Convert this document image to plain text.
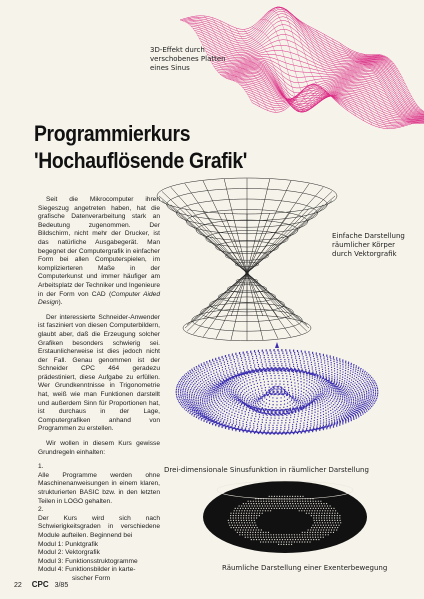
3D-Effekt durch
verschobenes Platten
eines Sinus
Programmierkurs
'Hochauflösende Grafik'
Einfache Darstellung
räumlicher Körper
durch Vektorgrafik
Drei-dimensionale Sinusfunktion in räumlicher Darstellung
Räumliche Darstellung einer Exenterbewegung

Seit die Mikrocomputer ihren Siegeszug angetreten haben, hat die grafische Datenverarbeitung stark an Bedeutung zugenommen. Der Bildschirm, nicht mehr der Drucker, ist das natürliche Ausgabegerät. Man begegnet der Computergrafik in einfacher Form bei allen Computerspielen, im komplizierteren Maße in der Computerkunst und immer häufiger am Arbeitsplatz der Techniker und Ingenieure in der Form von CAD (Computer Aided Design).

Der interessierte Schneider-Anwender ist fasziniert von diesen Computerbildern, glaubt aber, daß die Erzeugung solcher Grafiken besonders schwierig sei. Erstaunlicherweise ist dies jedoch nicht der Fall. Genau genommen ist der Schneider CPC 464 geradezu prädestiniert, diese Aufgabe zu erfüllen. Wer Grundkenntnisse in Trigonometrie hat, weiß wie man Funktionen darstellt und außerdem Sinn für Proportionen hat, ist durchaus in der Lage, Computergrafiken anhand von Programmen zu erstellen.

Wir wollen in diesem Kurs gewisse Grundregeln einhalten:

1.
Alle Programme werden ohne Maschinenanweisungen in einem klaren, strukturierten BASIC bzw. in den letzten Teilen in LOGO gehalten.

2.
Der Kurs wird sich nach Schwierigkeitsgraden in verschiedene Module aufteilen. Beginnend bei

Modul 1: Punktgrafik
Modul 2: Vektorgrafik
Modul 3: Funktionsstruktogramme
Modul 4: Funktionsbilder in karte-
sischer Form
22 CPC 3/85
